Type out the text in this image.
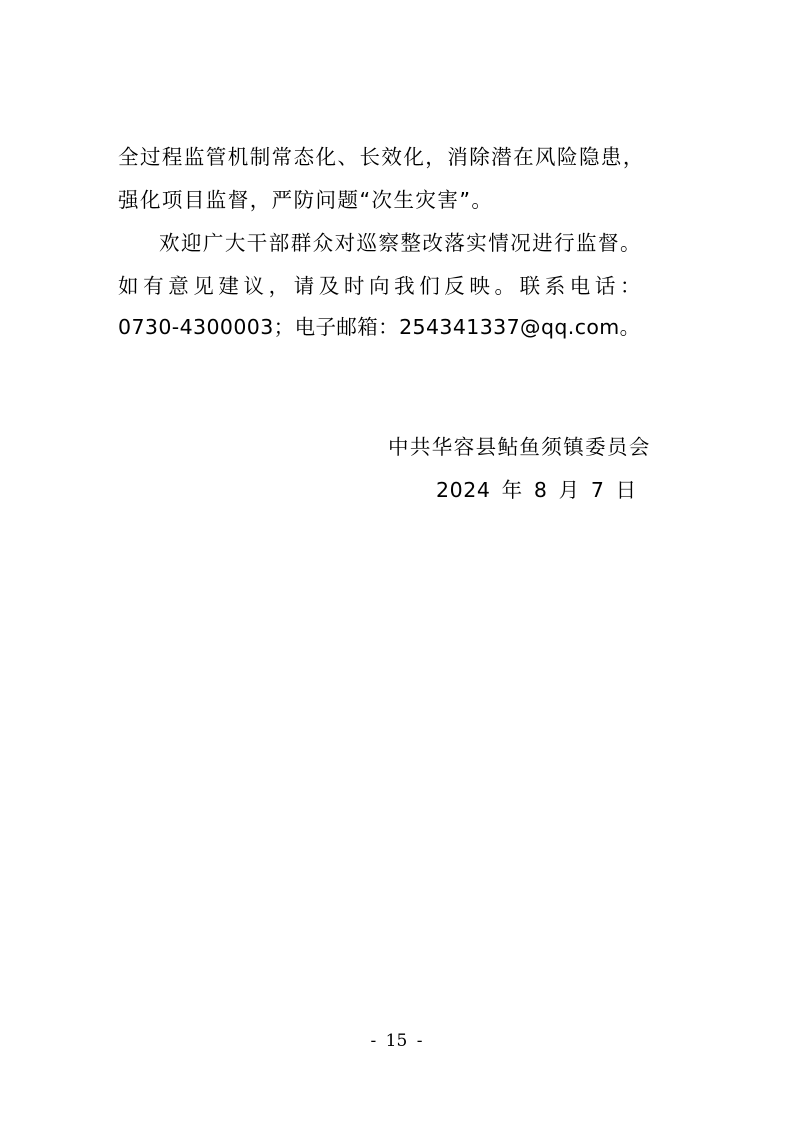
全过程监管机制常态化、长效化，消除潜在风险隐患，
强化项目监督，严防问题“次生灾害”。
欢迎广大干部群众对巡察整改落实情况进行监督。
如有意见建议，请及时向我们反映。联系电话：
0730-4300003；电子邮箱：254341337@qq.com。
中共华容县鲇鱼须镇委员会
2024 年 8 月 7 日
- 15 -
